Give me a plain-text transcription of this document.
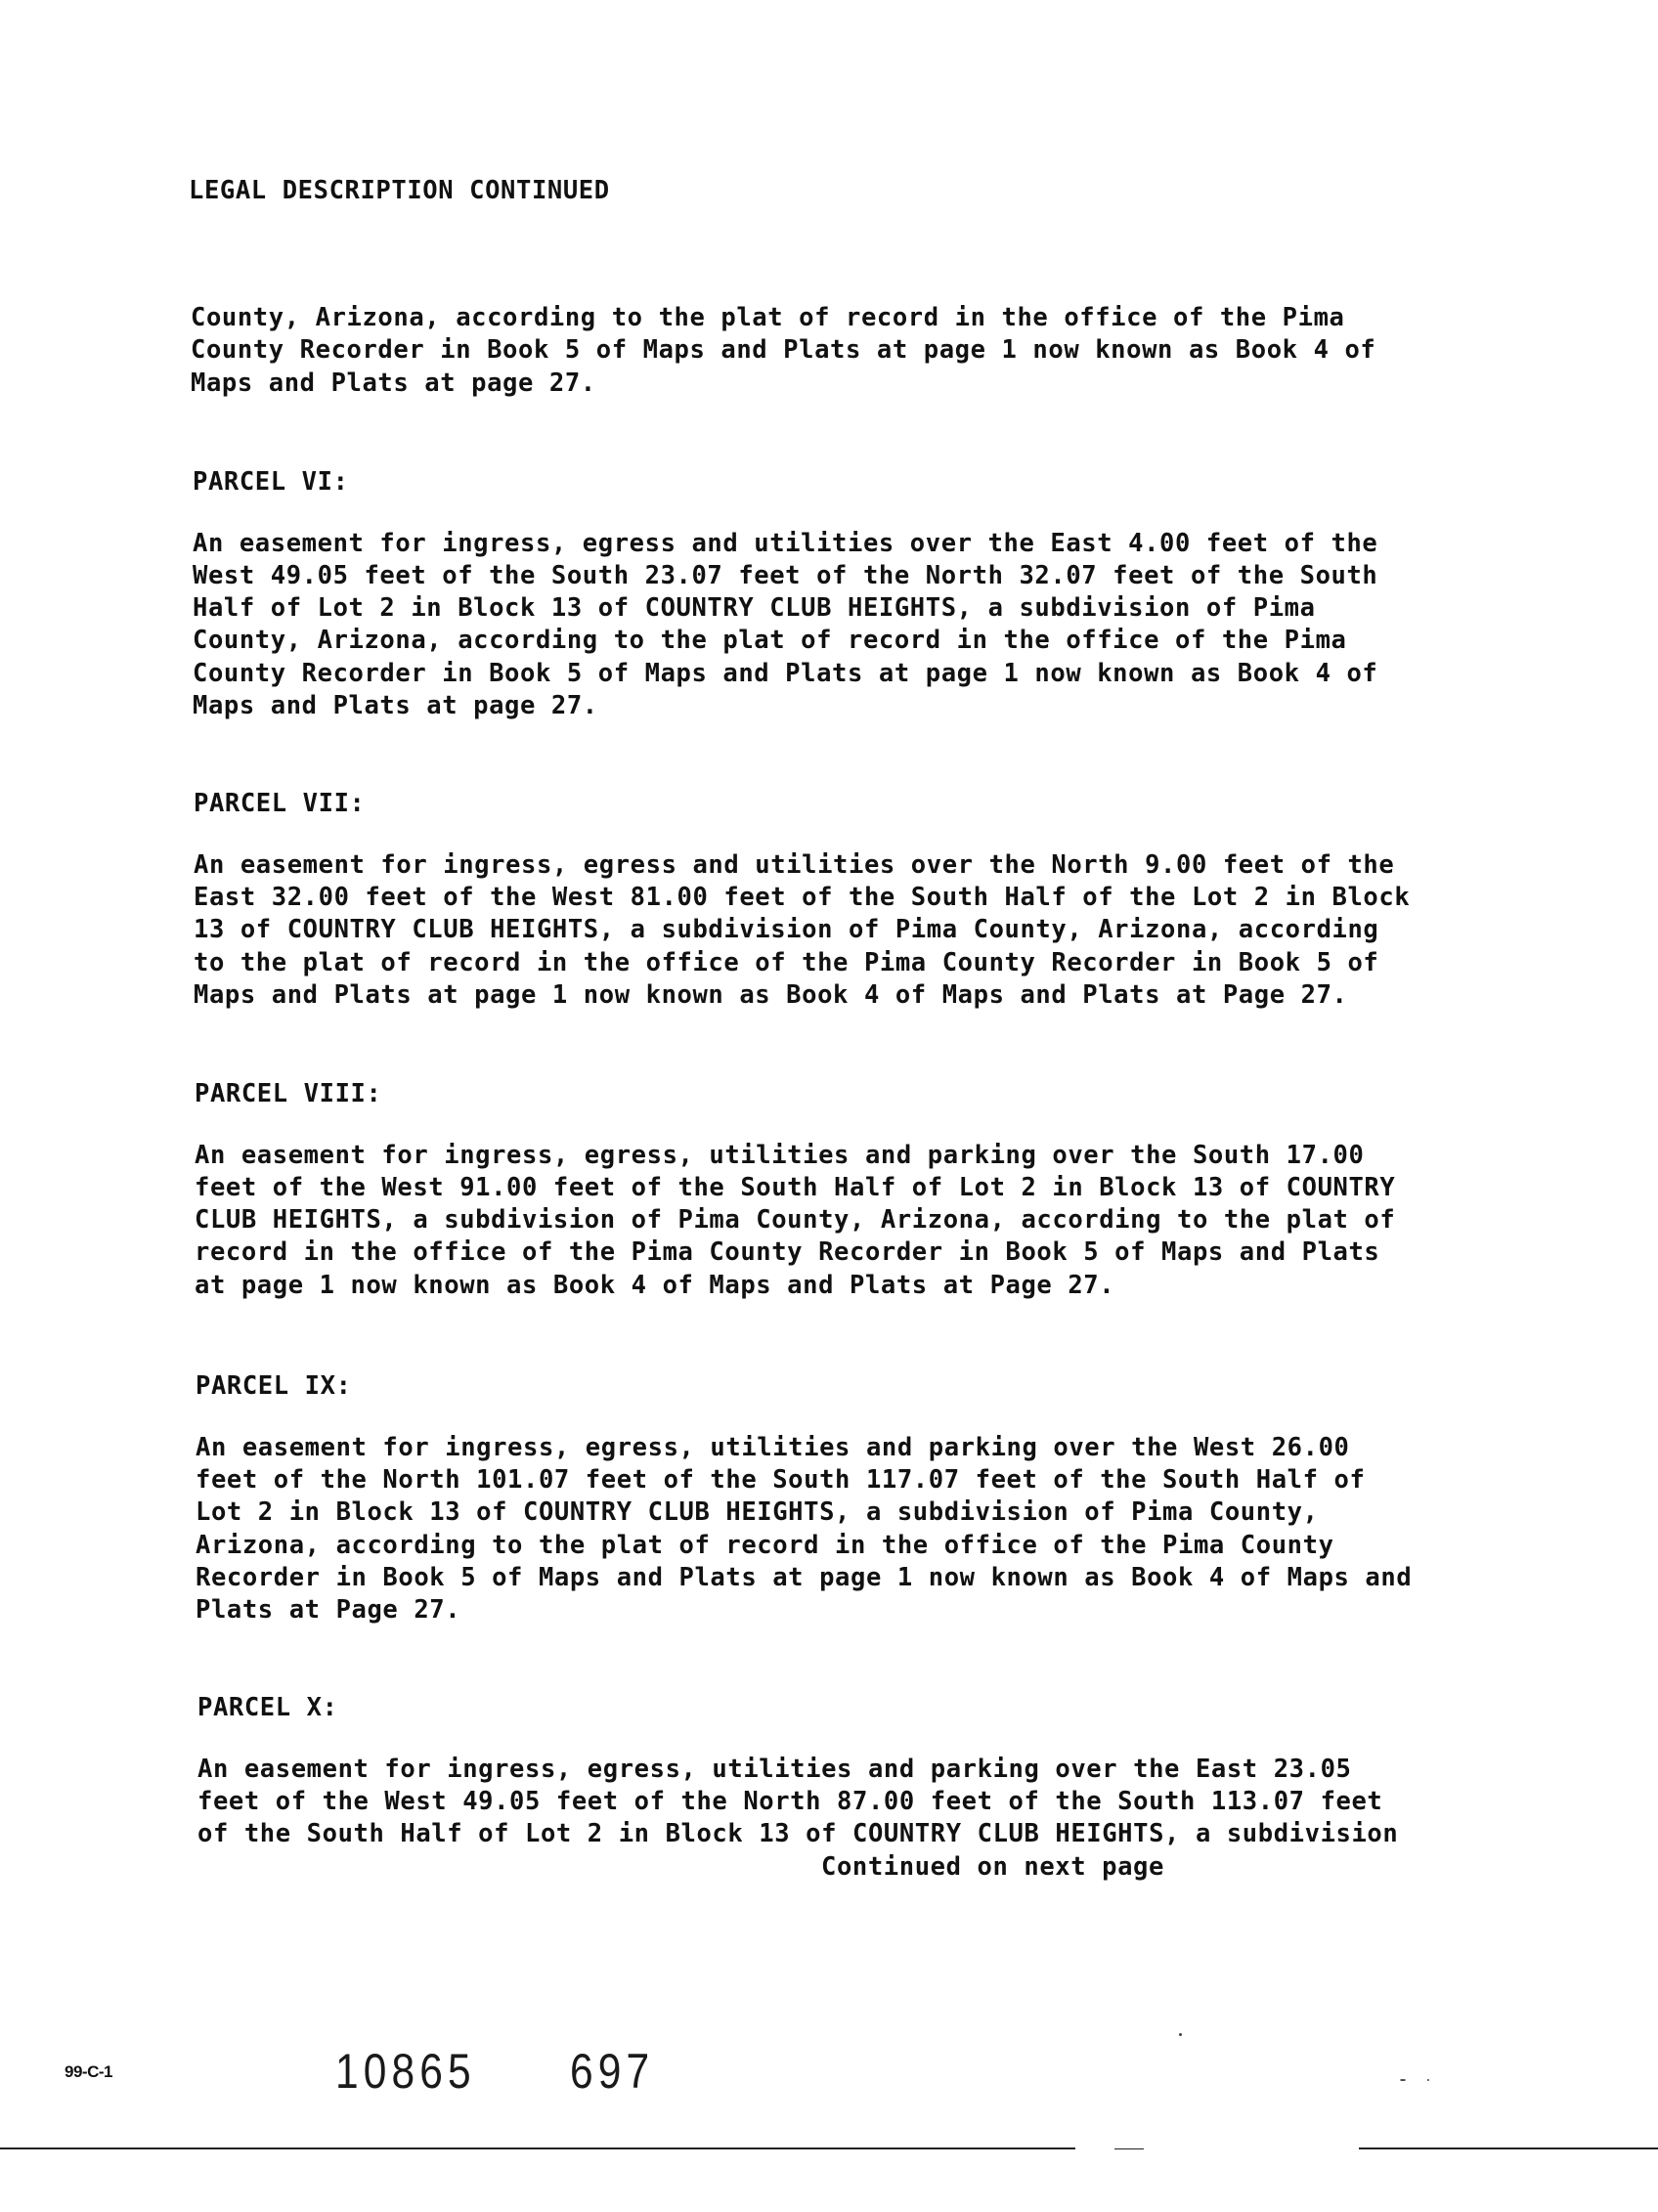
LEGAL DESCRIPTION CONTINUED
County, Arizona, according to the plat of record in the office of the Pima
County Recorder in Book 5 of Maps and Plats at page 1 now known as Book 4 of
Maps and Plats at page 27.
PARCEL VI:
An easement for ingress, egress and utilities over the East 4.00 feet of the
West 49.05 feet of the South 23.07 feet of the North 32.07 feet of the South
Half of Lot 2 in Block 13 of COUNTRY CLUB HEIGHTS, a subdivision of Pima
County, Arizona, according to the plat of record in the office of the Pima
County Recorder in Book 5 of Maps and Plats at page 1 now known as Book 4 of
Maps and Plats at page 27.
PARCEL VII:
An easement for ingress, egress and utilities over the North 9.00 feet of the
East 32.00 feet of the West 81.00 feet of the South Half of the Lot 2 in Block
13 of COUNTRY CLUB HEIGHTS, a subdivision of Pima County, Arizona, according
to the plat of record in the office of the Pima County Recorder in Book 5 of
Maps and Plats at page 1 now known as Book 4 of Maps and Plats at Page 27.
PARCEL VIII:
An easement for ingress, egress, utilities and parking over the South 17.00
feet of the West 91.00 feet of the South Half of Lot 2 in Block 13 of COUNTRY
CLUB HEIGHTS, a subdivision of Pima County, Arizona, according to the plat of
record in the office of the Pima County Recorder in Book 5 of Maps and Plats
at page 1 now known as Book 4 of Maps and Plats at Page 27.
PARCEL IX:
An easement for ingress, egress, utilities and parking over the West 26.00
feet of the North 101.07 feet of the South 117.07 feet of the South Half of
Lot 2 in Block 13 of COUNTRY CLUB HEIGHTS, a subdivision of Pima County,
Arizona, according to the plat of record in the office of the Pima County
Recorder in Book 5 of Maps and Plats at page 1 now known as Book 4 of Maps and
Plats at Page 27.
PARCEL X:
An easement for ingress, egress, utilities and parking over the East 23.05
feet of the West 49.05 feet of the North 87.00 feet of the South 113.07 feet
of the South Half of Lot 2 in Block 13 of COUNTRY CLUB HEIGHTS, a subdivision
Continued on next page
99-C-1	10865 697
